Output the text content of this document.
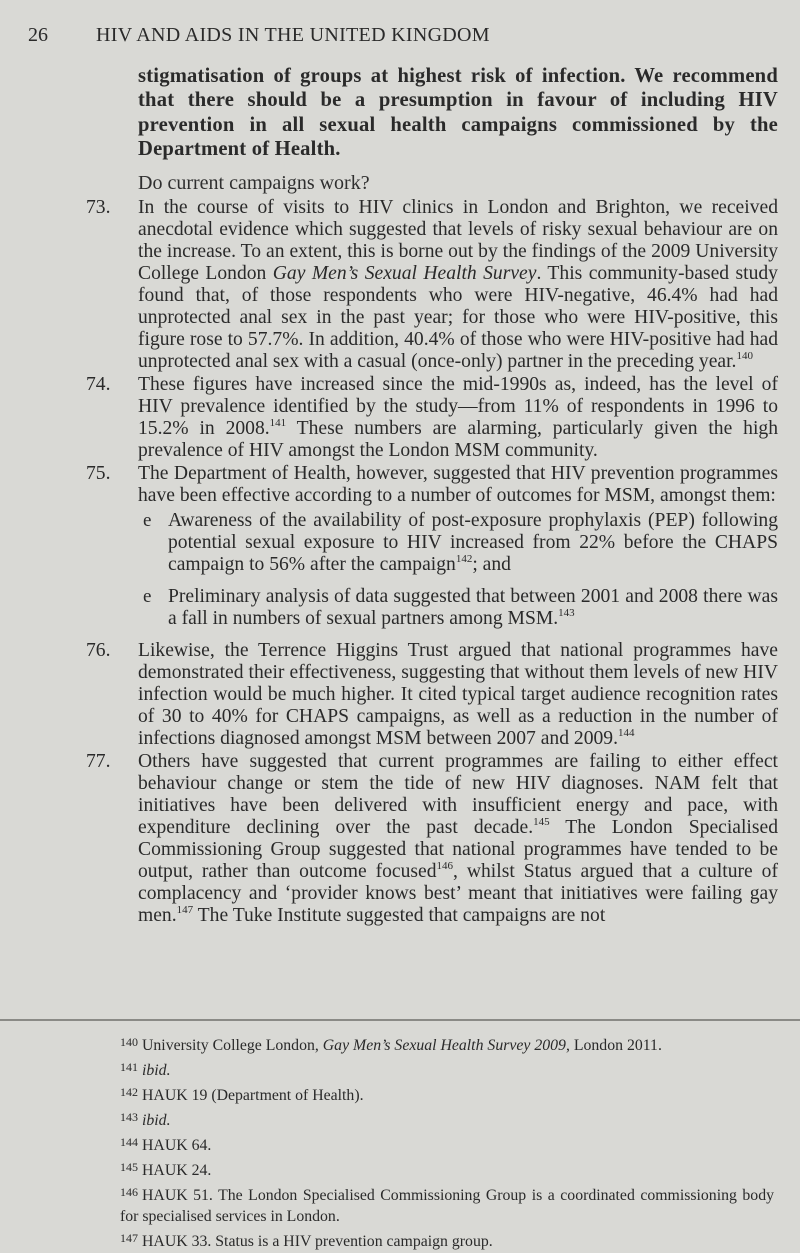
26 HIV AND AIDS IN THE UNITED KINGDOM

stigmatisation of groups at highest risk of infection. We recommend that there should be a presumption in favour of including HIV prevention in all sexual health campaigns commissioned by the Department of Health.

Do current campaigns work?
73. In the course of visits to HIV clinics in London and Brighton, we received anecdotal evidence which suggested that levels of risky sexual behaviour are on the increase. To an extent, this is borne out by the findings of the 2009 University College London Gay Men’s Sexual Health Survey. This community-based study found that, of those respondents who were HIV-negative, 46.4% had had unprotected anal sex in the past year; for those who were HIV-positive, this figure rose to 57.7%. In addition, 40.4% of those who were HIV-positive had had unprotected anal sex with a casual (once-only) partner in the preceding year.$^{140}$

74. These figures have increased since the mid-1990s as, indeed, has the level of HIV prevalence identified by the study—from 11% of respondents in 1996 to 15.2% in 2008.$^{141}$ These numbers are alarming, particularly given the high prevalence of HIV amongst the London MSM community.

75. The Department of Health, however, suggested that HIV prevention programmes have been effective according to a number of outcomes for MSM, amongst them:

e Awareness of the availability of post-exposure prophylaxis (PEP) following potential sexual exposure to HIV increased from 22% before the CHAPS campaign to 56% after the campaign$^{142}$; and

e Preliminary analysis of data suggested that between 2001 and 2008 there was a fall in numbers of sexual partners among MSM.$^{143}$

76. Likewise, the Terrence Higgins Trust argued that national programmes have demonstrated their effectiveness, suggesting that without them levels of new HIV infection would be much higher. It cited typical target audience recognition rates of 30 to 40% for CHAPS campaigns, as well as a reduction in the number of infections diagnosed amongst MSM between 2007 and 2009.$^{144}$

77. Others have suggested that current programmes are failing to either effect behaviour change or stem the tide of new HIV diagnoses. NAM felt that initiatives have been delivered with insufficient energy and pace, with expenditure declining over the past decade.$^{145}$ The London Specialised Commissioning Group suggested that national programmes have tended to be output, rather than outcome focused$^{146}$, whilst Status argued that a culture of complacency and ‘provider knows best’ meant that initiatives were failing gay men.$^{147}$ The Tuke Institute suggested that campaigns are not

$^{140}$ University College London, Gay Men’s Sexual Health Survey 2009, London 2011.
$^{141}$ ibid.
$^{142}$ HAUK 19 (Department of Health).
$^{143}$ ibid.
$^{144}$ HAUK 64.
$^{145}$ HAUK 24.
$^{146}$ HAUK 51. The London Specialised Commissioning Group is a coordinated commissioning body for specialised services in London.
$^{147}$ HAUK 33. Status is a HIV prevention campaign group.
